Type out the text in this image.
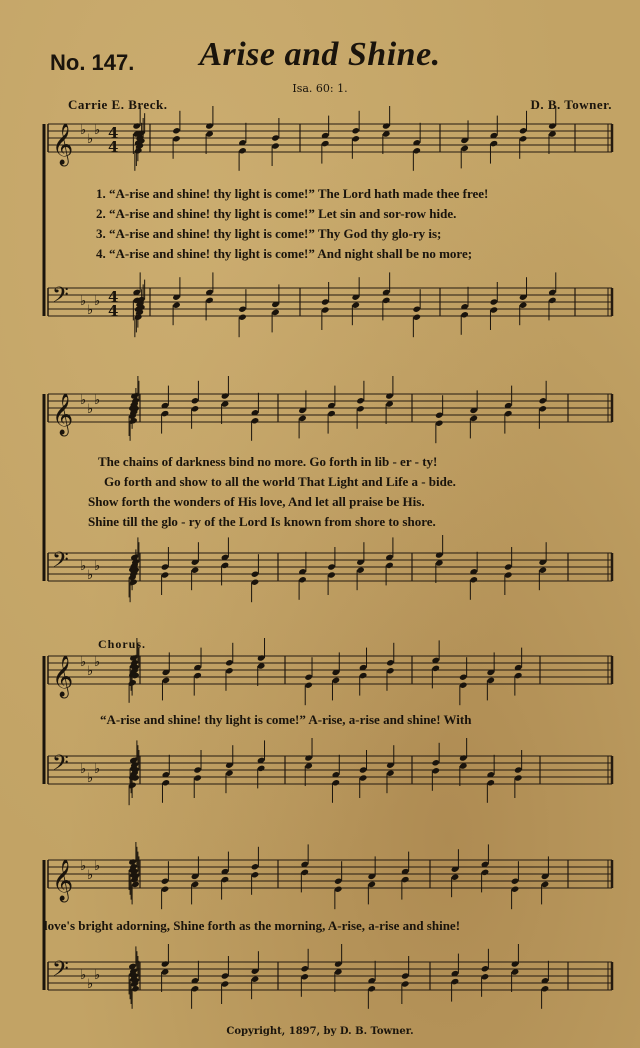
𝄞 ♭
♭
♭ 4
4
𝄢 ♭
♭
♭ 4
4
𝄞 ♭
♭
♭
𝄢 ♭
♭
♭
𝄞 ♭
♭
♭
𝄢 ♭
♭
♭
𝄞 ♭
♭
♭
𝄢 ♭
♭
♭
No. 147.	Arise and Shine.
Isa. 60: 1.
Carrie E. Breck.	D. B. Towner.
1. “A-rise and shine! thy light is come!” The Lord hath made thee free!
2. “A-rise and shine! thy light is come!” Let sin and sor-row hide.
3. “A-rise and shine! thy light is come!” Thy God thy glo-ry is;
4. “A-rise and shine! thy light is come!” And night shall be no more;
The chains of darkness bind no more. Go forth in lib - er - ty!
Go forth and show to all the world That Light and Life a - bide.
Show forth the wonders of His love, And let all praise be His.
Shine till the glo - ry of the Lord Is known from shore to shore.
Chorus.
“A-rise and shine! thy light is come!” A-rise, a-rise and shine! With
love's bright adorning, Shine forth as the morning, A-rise, a-rise and shine!
Copyright, 1897, by D. B. Towner.
